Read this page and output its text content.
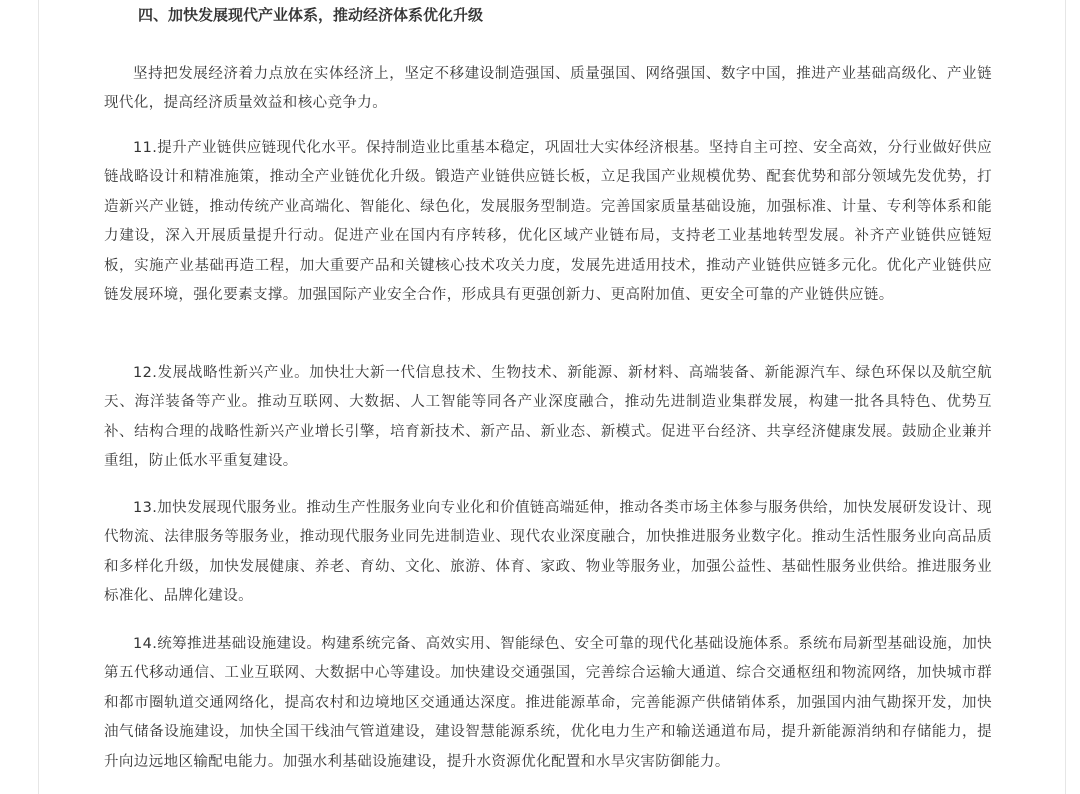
四、加快发展现代产业体系，推动经济体系优化升级

坚持把发展经济着力点放在实体经济上，坚定不移建设制造强国、质量强国、网络强国、数字中国，推进产业基础高级化、产业链现代化，提高经济质量效益和核心竞争力。

11.提升产业链供应链现代化水平。保持制造业比重基本稳定，巩固壮大实体经济根基。坚持自主可控、安全高效，分行业做好供应链战略设计和精准施策，推动全产业链优化升级。锻造产业链供应链长板，立足我国产业规模优势、配套优势和部分领域先发优势，打造新兴产业链，推动传统产业高端化、智能化、绿色化，发展服务型制造。完善国家质量基础设施，加强标准、计量、专利等体系和能力建设，深入开展质量提升行动。促进产业在国内有序转移，优化区域产业链布局，支持老工业基地转型发展。补齐产业链供应链短板，实施产业基础再造工程，加大重要产品和关键核心技术攻关力度，发展先进适用技术，推动产业链供应链多元化。优化产业链供应链发展环境，强化要素支撑。加强国际产业安全合作，形成具有更强创新力、更高附加值、更安全可靠的产业链供应链。

12.发展战略性新兴产业。加快壮大新一代信息技术、生物技术、新能源、新材料、高端装备、新能源汽车、绿色环保以及航空航天、海洋装备等产业。推动互联网、大数据、人工智能等同各产业深度融合，推动先进制造业集群发展，构建一批各具特色、优势互补、结构合理的战略性新兴产业增长引擎，培育新技术、新产品、新业态、新模式。促进平台经济、共享经济健康发展。鼓励企业兼并重组，防止低水平重复建设。

13.加快发展现代服务业。推动生产性服务业向专业化和价值链高端延伸，推动各类市场主体参与服务供给，加快发展研发设计、现代物流、法律服务等服务业，推动现代服务业同先进制造业、现代农业深度融合，加快推进服务业数字化。推动生活性服务业向高品质和多样化升级，加快发展健康、养老、育幼、文化、旅游、体育、家政、物业等服务业，加强公益性、基础性服务业供给。推进服务业标准化、品牌化建设。

14.统筹推进基础设施建设。构建系统完备、高效实用、智能绿色、安全可靠的现代化基础设施体系。系统布局新型基础设施，加快第五代移动通信、工业互联网、大数据中心等建设。加快建设交通强国，完善综合运输大通道、综合交通枢纽和物流网络，加快城市群和都市圈轨道交通网络化，提高农村和边境地区交通通达深度。推进能源革命，完善能源产供储销体系，加强国内油气勘探开发，加快油气储备设施建设，加快全国干线油气管道建设，建设智慧能源系统，优化电力生产和输送通道布局，提升新能源消纳和存储能力，提升向边远地区输配电能力。加强水利基础设施建设，提升水资源优化配置和水旱灾害防御能力。
